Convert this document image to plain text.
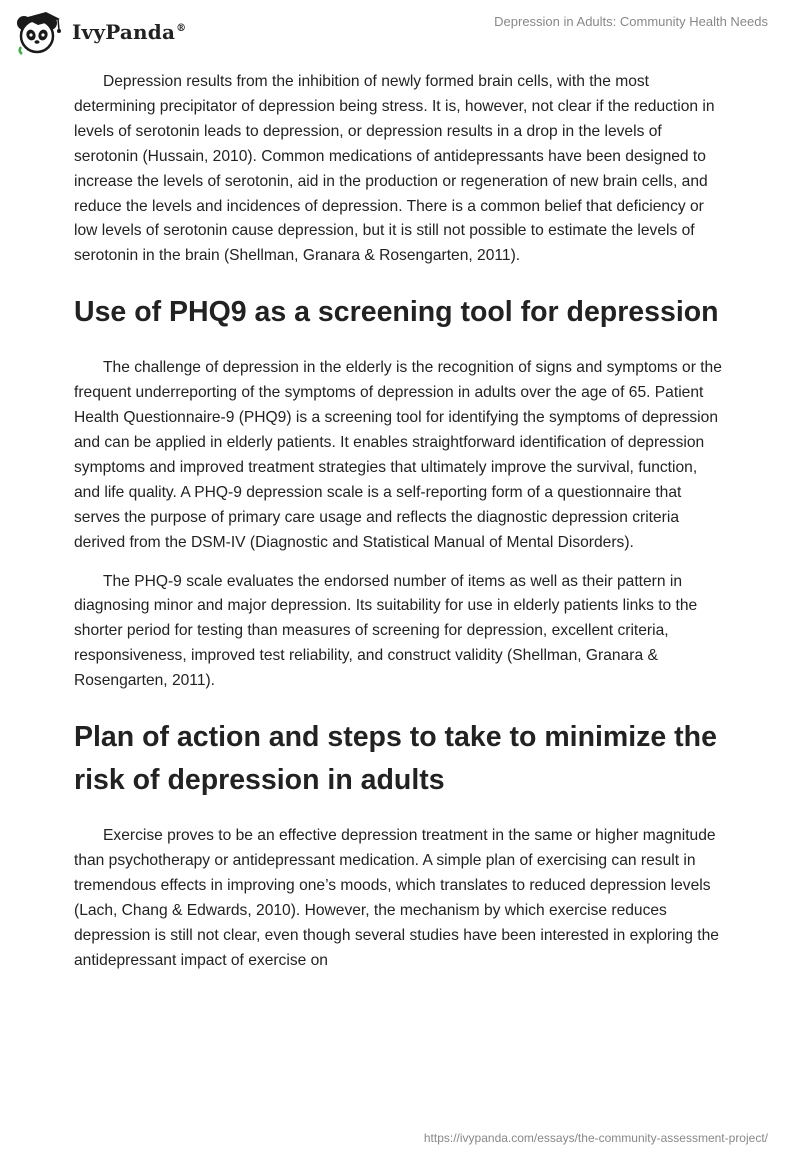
IvyPanda®	Depression in Adults: Community Health Needs

Depression results from the inhibition of newly formed brain cells, with the most determining precipitator of depression being stress. It is, however, not clear if the reduction in levels of serotonin leads to depression, or depression results in a drop in the levels of serotonin (Hussain, 2010). Common medications of antidepressants have been designed to increase the levels of serotonin, aid in the production or regeneration of new brain cells, and reduce the levels and incidences of depression. There is a common belief that deficiency or low levels of serotonin cause depression, but it is still not possible to estimate the levels of serotonin in the brain (Shellman, Granara & Rosengarten, 2011).

Use of PHQ9 as a screening tool for depression

The challenge of depression in the elderly is the recognition of signs and symptoms or the frequent underreporting of the symptoms of depression in adults over the age of 65. Patient Health Questionnaire-9 (PHQ9) is a screening tool for identifying the symptoms of depression and can be applied in elderly patients. It enables straightforward identification of depression symptoms and improved treatment strategies that ultimately improve the survival, function, and life quality. A PHQ-9 depression scale is a self-reporting form of a questionnaire that serves the purpose of primary care usage and reflects the diagnostic depression criteria derived from the DSM-IV (Diagnostic and Statistical Manual of Mental Disorders).

The PHQ-9 scale evaluates the endorsed number of items as well as their pattern in diagnosing minor and major depression. Its suitability for use in elderly patients links to the shorter period for testing than measures of screening for depression, excellent criteria, responsiveness, improved test reliability, and construct validity (Shellman, Granara & Rosengarten, 2011).

Plan of action and steps to take to minimize the risk of depression in adults

Exercise proves to be an effective depression treatment in the same or higher magnitude than psychotherapy or antidepressant medication. A simple plan of exercising can result in tremendous effects in improving one’s moods, which translates to reduced depression levels (Lach, Chang & Edwards, 2010). However, the mechanism by which exercise reduces depression is still not clear, even though several studies have been interested in exploring the antidepressant impact of exercise on

https://ivypanda.com/essays/the-community-assessment-project/
